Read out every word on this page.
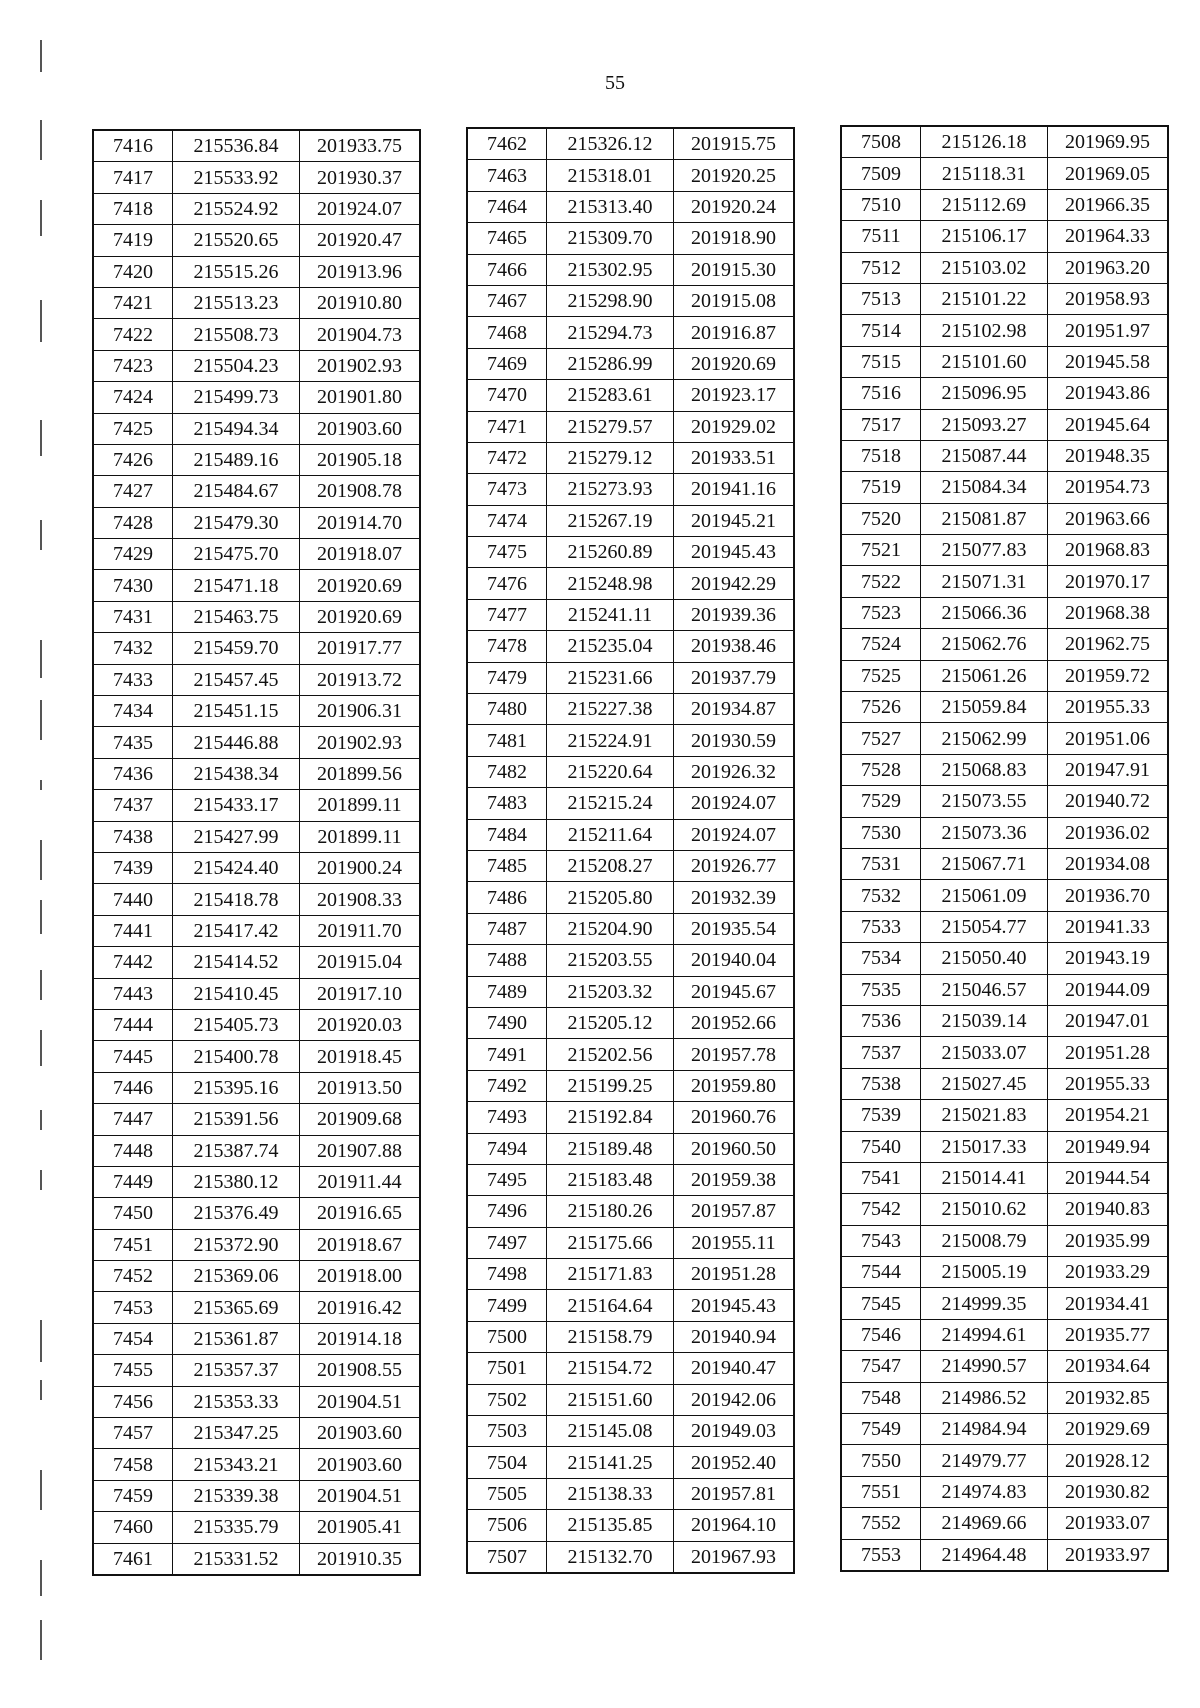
55
7416	215536.84	201933.75
7417	215533.92	201930.37
7418	215524.92	201924.07
7419	215520.65	201920.47
7420	215515.26	201913.96
7421	215513.23	201910.80
7422	215508.73	201904.73
7423	215504.23	201902.93
7424	215499.73	201901.80
7425	215494.34	201903.60
7426	215489.16	201905.18
7427	215484.67	201908.78
7428	215479.30	201914.70
7429	215475.70	201918.07
7430	215471.18	201920.69
7431	215463.75	201920.69
7432	215459.70	201917.77
7433	215457.45	201913.72
7434	215451.15	201906.31
7435	215446.88	201902.93
7436	215438.34	201899.56
7437	215433.17	201899.11
7438	215427.99	201899.11
7439	215424.40	201900.24
7440	215418.78	201908.33
7441	215417.42	201911.70
7442	215414.52	201915.04
7443	215410.45	201917.10
7444	215405.73	201920.03
7445	215400.78	201918.45
7446	215395.16	201913.50
7447	215391.56	201909.68
7448	215387.74	201907.88
7449	215380.12	201911.44
7450	215376.49	201916.65
7451	215372.90	201918.67
7452	215369.06	201918.00
7453	215365.69	201916.42
7454	215361.87	201914.18
7455	215357.37	201908.55
7456	215353.33	201904.51
7457	215347.25	201903.60
7458	215343.21	201903.60
7459	215339.38	201904.51
7460	215335.79	201905.41
7461	215331.52	201910.35
7462	215326.12	201915.75
7463	215318.01	201920.25
7464	215313.40	201920.24
7465	215309.70	201918.90
7466	215302.95	201915.30
7467	215298.90	201915.08
7468	215294.73	201916.87
7469	215286.99	201920.69
7470	215283.61	201923.17
7471	215279.57	201929.02
7472	215279.12	201933.51
7473	215273.93	201941.16
7474	215267.19	201945.21
7475	215260.89	201945.43
7476	215248.98	201942.29
7477	215241.11	201939.36
7478	215235.04	201938.46
7479	215231.66	201937.79
7480	215227.38	201934.87
7481	215224.91	201930.59
7482	215220.64	201926.32
7483	215215.24	201924.07
7484	215211.64	201924.07
7485	215208.27	201926.77
7486	215205.80	201932.39
7487	215204.90	201935.54
7488	215203.55	201940.04
7489	215203.32	201945.67
7490	215205.12	201952.66
7491	215202.56	201957.78
7492	215199.25	201959.80
7493	215192.84	201960.76
7494	215189.48	201960.50
7495	215183.48	201959.38
7496	215180.26	201957.87
7497	215175.66	201955.11
7498	215171.83	201951.28
7499	215164.64	201945.43
7500	215158.79	201940.94
7501	215154.72	201940.47
7502	215151.60	201942.06
7503	215145.08	201949.03
7504	215141.25	201952.40
7505	215138.33	201957.81
7506	215135.85	201964.10
7507	215132.70	201967.93
7508	215126.18	201969.95
7509	215118.31	201969.05
7510	215112.69	201966.35
7511	215106.17	201964.33
7512	215103.02	201963.20
7513	215101.22	201958.93
7514	215102.98	201951.97
7515	215101.60	201945.58
7516	215096.95	201943.86
7517	215093.27	201945.64
7518	215087.44	201948.35
7519	215084.34	201954.73
7520	215081.87	201963.66
7521	215077.83	201968.83
7522	215071.31	201970.17
7523	215066.36	201968.38
7524	215062.76	201962.75
7525	215061.26	201959.72
7526	215059.84	201955.33
7527	215062.99	201951.06
7528	215068.83	201947.91
7529	215073.55	201940.72
7530	215073.36	201936.02
7531	215067.71	201934.08
7532	215061.09	201936.70
7533	215054.77	201941.33
7534	215050.40	201943.19
7535	215046.57	201944.09
7536	215039.14	201947.01
7537	215033.07	201951.28
7538	215027.45	201955.33
7539	215021.83	201954.21
7540	215017.33	201949.94
7541	215014.41	201944.54
7542	215010.62	201940.83
7543	215008.79	201935.99
7544	215005.19	201933.29
7545	214999.35	201934.41
7546	214994.61	201935.77
7547	214990.57	201934.64
7548	214986.52	201932.85
7549	214984.94	201929.69
7550	214979.77	201928.12
7551	214974.83	201930.82
7552	214969.66	201933.07
7553	214964.48	201933.97
